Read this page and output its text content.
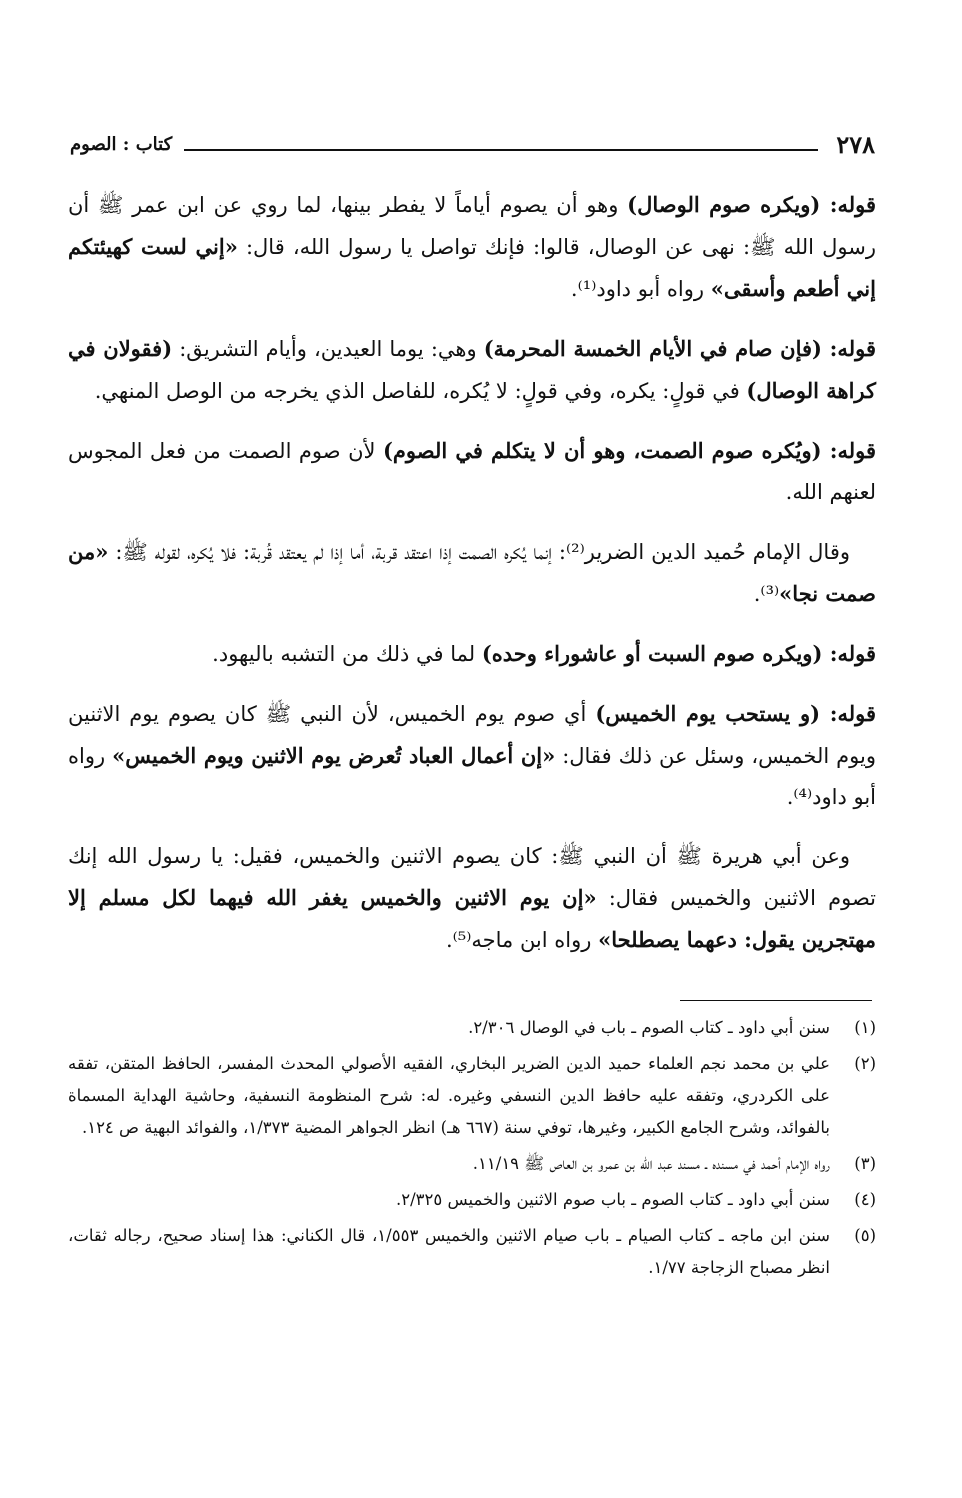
٢٧٨
كتاب : الصوم

قوله: (ويكره صوم الوصال) وهو أن يصوم أياماً لا يفطر بينها، لما روي عن ابن عمر ﷺ أن رسول الله ﷺ: نهى عن الوصال، قالوا: فإنك تواصل يا رسول الله، قال: «إني لست كهيئتكم إني أطعم وأسقى» رواه أبو داود⁽¹⁾.

قوله: (فإن صام في الأيام الخمسة المحرمة) وهي: يوما العيدين، وأيام التشريق: (فقولان في كراهة الوصال) في قولٍ: يكره، وفي قولٍ: لا يُكره، للفاصل الذي يخرجه من الوصل المنهي.

قوله: (ويُكره صوم الصمت، وهو أن لا يتكلم في الصوم) لأن صوم الصمت من فعل المجوس لعنهم الله.

وقال الإمام حُميد الدين الضرير⁽²⁾: إنما يُكره الصمت إذا اعتقد قربة، أما إذا لم يعتقد قُربة: فلا يُكره، لقوله ﷺ: «من صمت نجا»⁽³⁾.

قوله: (ويكره صوم السبت أو عاشوراء وحده) لما في ذلك من التشبه باليهود.

قوله: (و يستحب يوم الخميس) أي صوم يوم الخميس، لأن النبي ﷺ كان يصوم يوم الاثنين ويوم الخميس، وسئل عن ذلك فقال: «إن أعمال العباد تُعرض يوم الاثنين ويوم الخميس» رواه أبو داود⁽⁴⁾.

وعن أبي هريرة ﷺ أن النبي ﷺ: كان يصوم الاثنين والخميس، فقيل: يا رسول الله إنك تصوم الاثنين والخميس فقال: «إن يوم الاثنين والخميس يغفر الله فيهما لكل مسلم إلا مهتجرين يقول: دعهما يصطلحا» رواه ابن ماجه⁽⁵⁾.

(١)
سنن أبي داود ـ كتاب الصوم ـ باب في الوصال ٢/٣٠٦.
(٢)
علي بن محمد نجم العلماء حميد الدين الضرير البخاري، الفقيه الأصولي المحدث المفسر، الحافظ المتقن، تفقه على الكردري، وتفقه عليه حافظ الدين النسفي وغيره. له: شرح المنظومة النسفية، وحاشية الهداية المسماة بالفوائد، وشرح الجامع الكبير، وغيرها، توفي سنة (٦٦٧ هـ) انظر الجواهر المضية ١/٣٧٣، والفوائد البهية ص ١٢٤.
(٣)
رواه الإمام أحمد في مسنده ـ مسند عبد الله بن عمرو بن العاص ﷺ ١١/١٩.
(٤)
سنن أبي داود ـ كتاب الصوم ـ باب صوم الاثنين والخميس ٢/٣٢٥.
(٥)
سنن ابن ماجه ـ كتاب الصيام ـ باب صيام الاثنين والخميس ١/٥٥٣، قال الكناني: هذا إسناد صحيح، رجاله ثقات، انظر مصباح الزجاجة ١/٧٧.
